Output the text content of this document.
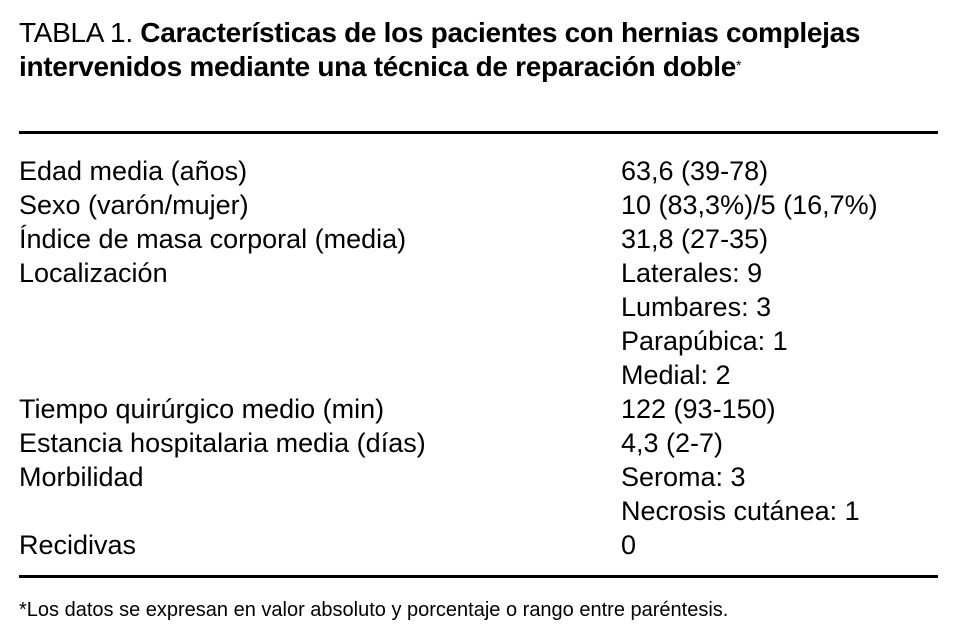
TABLA 1. Características de los pacientes con hernias complejas intervenidos mediante una técnica de reparación doble*
Edad media (años)	63,6 (39-78)
Sexo (varón/mujer)	10 (83,3%)/5 (16,7%)
Índice de masa corporal (media)	31,8 (27-35)
Localización	Laterales: 9
	Lumbares: 3
	Parapúbica: 1
	Medial: 2
Tiempo quirúrgico medio (min)	122 (93-150)
Estancia hospitalaria media (días)	4,3 (2-7)
Morbilidad	Seroma: 3
	Necrosis cutánea: 1
Recidivas	0
*Los datos se expresan en valor absoluto y porcentaje o rango entre paréntesis.
